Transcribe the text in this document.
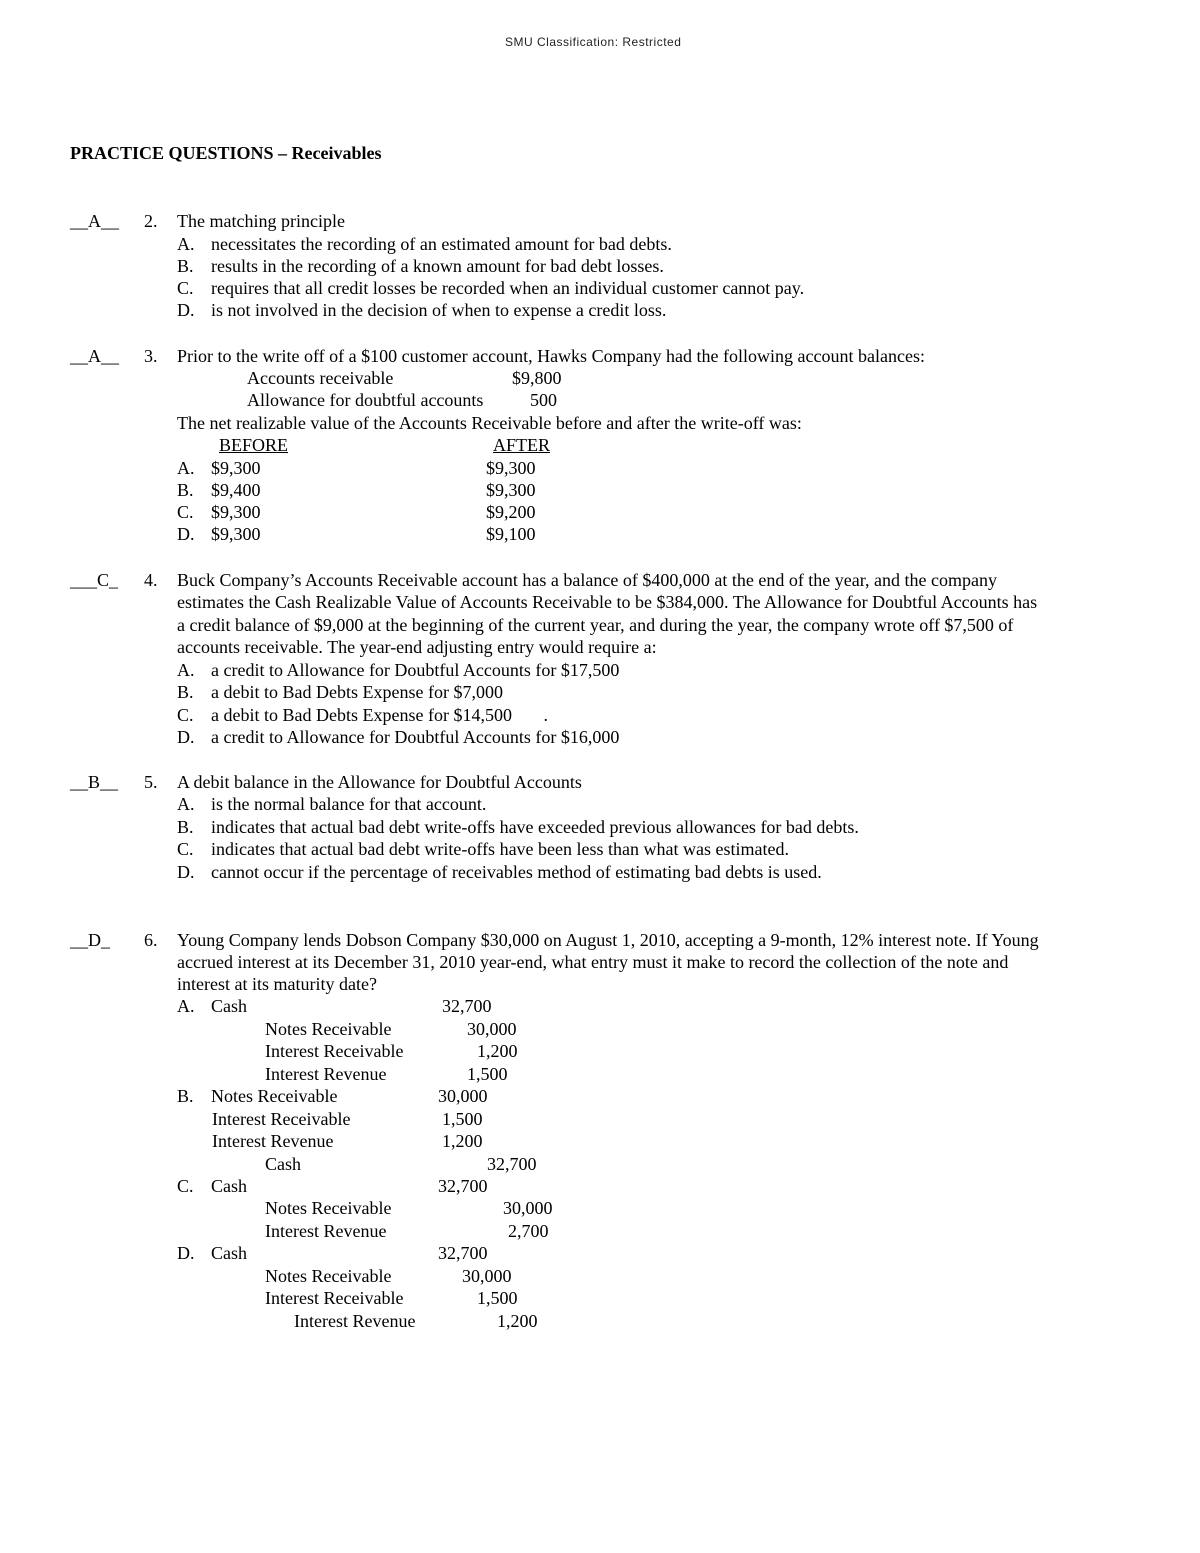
SMU Classification: Restricted
PRACTICE QUESTIONS – Receivables
__A__ 2. The matching principle
A. necessitates the recording of an estimated amount for bad debts.
B. results in the recording of a known amount for bad debt losses.
C. requires that all credit losses be recorded when an individual customer cannot pay.
D. is not involved in the decision of when to expense a credit loss.
__A__ 3. Prior to the write off of a $100 customer account, Hawks Company had the following account balances:
Accounts receivable	$9,800
Allowance for doubtful accounts	500
The net realizable value of the Accounts Receivable before and after the write-off was:
BEFORE	AFTER
A. $9,300	$9,300
B. $9,400	$9,300
C. $9,300	$9,200
D. $9,300	$9,100
___C_ 4. Buck Company’s Accounts Receivable account has a balance of $400,000 at the end of the year, and the company
estimates the Cash Realizable Value of Accounts Receivable to be $384,000. The Allowance for Doubtful Accounts has
a credit balance of $9,000 at the beginning of the current year, and during the year, the company wrote off $7,500 of
accounts receivable. The year-end adjusting entry would require a:
A. a credit to Allowance for Doubtful Accounts for $17,500
B. a debit to Bad Debts Expense for $7,000
C. a debit to Bad Debts Expense for $14,500       .
D. a credit to Allowance for Doubtful Accounts for $16,000
__B__ 5. A debit balance in the Allowance for Doubtful Accounts
A. is the normal balance for that account.
B. indicates that actual bad debt write-offs have exceeded previous allowances for bad debts.
C. indicates that actual bad debt write-offs have been less than what was estimated.
D. cannot occur if the percentage of receivables method of estimating bad debts is used.
__D_ 6. Young Company lends Dobson Company $30,000 on August 1, 2010, accepting a 9-month, 12% interest note. If Young
accrued interest at its December 31, 2010 year-end, what entry must it make to record the collection of the note and
interest at its maturity date?
A. Cash	32,700
Notes Receivable	30,000
Interest Receivable	1,200
Interest Revenue	1,500
B. Notes Receivable	30,000
Interest Receivable	1,500
Interest Revenue	1,200
Cash	32,700
C. Cash	32,700
Notes Receivable	30,000
Interest Revenue	2,700
D. Cash	32,700
Notes Receivable	30,000
Interest Receivable	1,500
Interest Revenue	1,200
